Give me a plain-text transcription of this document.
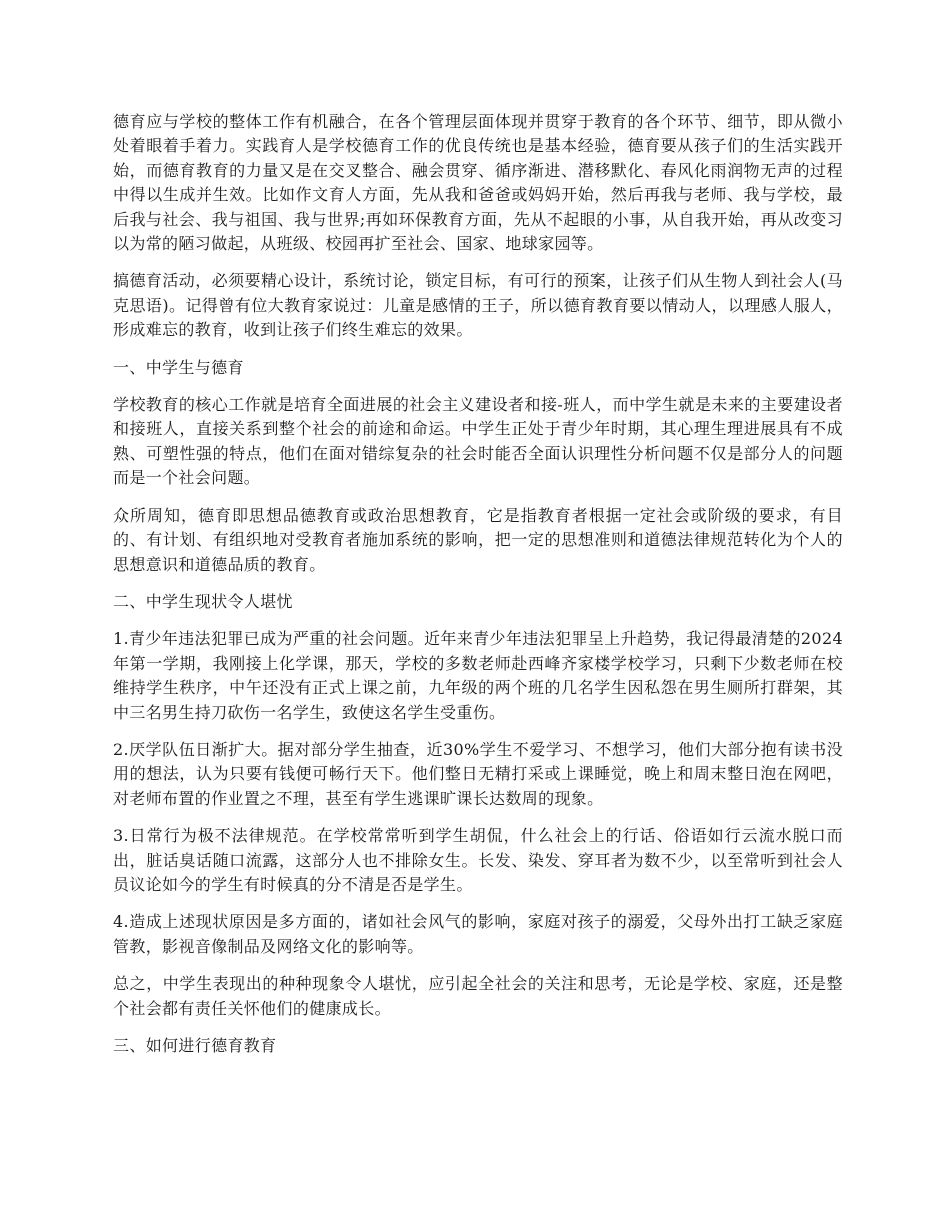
德育应与学校的整体工作有机融合，在各个管理层面体现并贯穿于教育的各个环节、细节，即从微小处着眼着手着力。实践育人是学校德育工作的优良传统也是基本经验，德育要从孩子们的生活实践开始，而德育教育的力量又是在交叉整合、融会贯穿、循序渐进、潜移默化、春风化雨润物无声的过程中得以生成并生效。比如作文育人方面，先从我和爸爸或妈妈开始，然后再我与老师、我与学校，最后我与社会、我与祖国、我与世界;再如环保教育方面，先从不起眼的小事，从自我开始，再从改变习以为常的陋习做起，从班级、校园再扩至社会、国家、地球家园等。

搞德育活动，必须要精心设计，系统讨论，锁定目标，有可行的预案，让孩子们从生物人到社会人(马克思语)。记得曾有位大教育家说过：儿童是感情的王子，所以德育教育要以情动人，以理感人服人，形成难忘的教育，收到让孩子们终生难忘的效果。

一、中学生与德育

学校教育的核心工作就是培育全面进展的社会主义建设者和接-班人，而中学生就是未来的主要建设者和接班人，直接关系到整个社会的前途和命运。中学生正处于青少年时期，其心理生理进展具有不成熟、可塑性强的特点，他们在面对错综复杂的社会时能否全面认识理性分析问题不仅是部分人的问题而是一个社会问题。

众所周知，德育即思想品德教育或政治思想教育，它是指教育者根据一定社会或阶级的要求，有目的、有计划、有组织地对受教育者施加系统的影响，把一定的思想准则和道德法律规范转化为个人的思想意识和道德品质的教育。

二、中学生现状令人堪忧

1.青少年违法犯罪已成为严重的社会问题。近年来青少年违法犯罪呈上升趋势，我记得最清楚的2024年第一学期，我刚接上化学课，那天，学校的多数老师赴西峰齐家楼学校学习，只剩下少数老师在校维持学生秩序，中午还没有正式上课之前，九年级的两个班的几名学生因私怨在男生厕所打群架，其中三名男生持刀砍伤一名学生，致使这名学生受重伤。

2.厌学队伍日渐扩大。据对部分学生抽查，近30%学生不爱学习、不想学习，他们大部分抱有读书没用的想法，认为只要有钱便可畅行天下。他们整日无精打采或上课睡觉，晚上和周末整日泡在网吧，对老师布置的作业置之不理，甚至有学生逃课旷课长达数周的现象。

3.日常行为极不法律规范。在学校常常听到学生胡侃，什么社会上的行话、俗语如行云流水脱口而出，脏话臭话随口流露，这部分人也不排除女生。长发、染发、穿耳者为数不少，以至常听到社会人员议论如今的学生有时候真的分不清是否是学生。

4.造成上述现状原因是多方面的，诸如社会风气的影响，家庭对孩子的溺爱，父母外出打工缺乏家庭管教，影视音像制品及网络文化的影响等。

总之，中学生表现出的种种现象令人堪忧，应引起全社会的关注和思考，无论是学校、家庭，还是整个社会都有责任关怀他们的健康成长。

三、如何进行德育教育
